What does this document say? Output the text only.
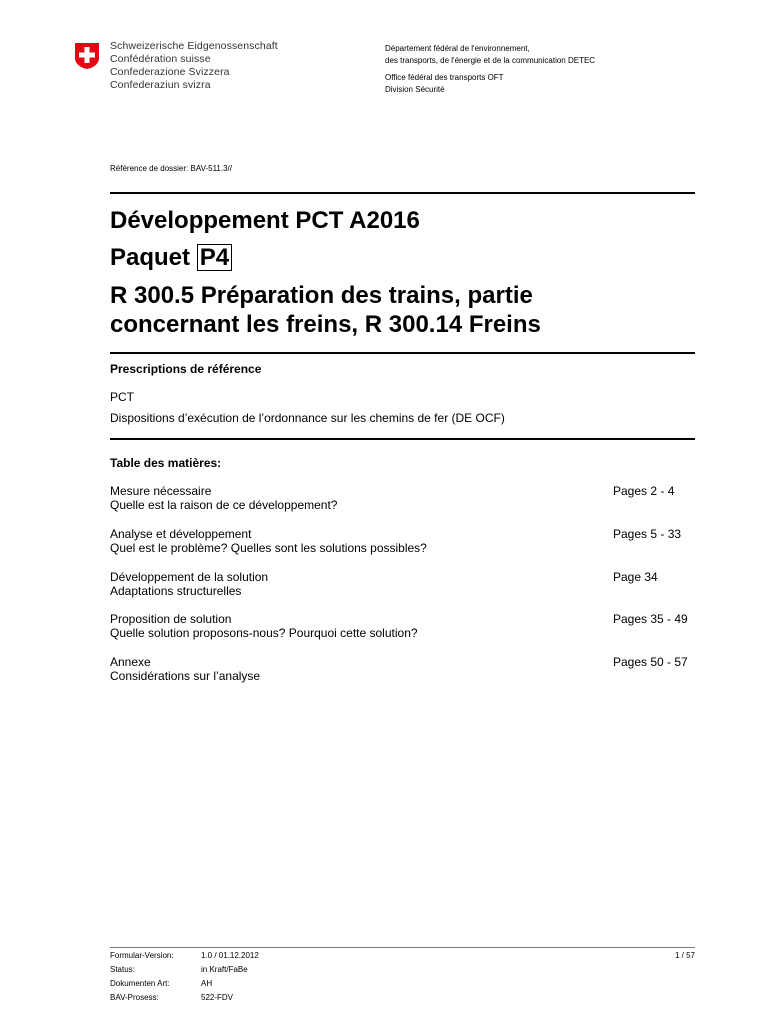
Schweizerische Eidgenossenschaft
Confédération suisse
Confederazione Svizzera
Confederaziun svizra
Département fédéral de l'environnement,
des transports, de l'énergie et de la communication DETEC
Office fédéral des transports OFT
Division Sécurité
Référence de dossier: BAV-511.3//
Développement PCT A2016
Paquet P4
R 300.5 Préparation des trains, partie
concernant les freins, R 300.14 Freins
Prescriptions de référence
PCT
Dispositions d’exécution de l’ordonnance sur les chemins de fer (DE OCF)
Table des matières:
Mesure nécessaire
Quelle est la raison de ce développement?
Pages 2 - 4
Analyse et développement
Quel est le problème? Quelles sont les solutions possibles?
Pages 5 - 33
Développement de la solution
Adaptations structurelles
Page 34
Proposition de solution
Quelle solution proposons-nous? Pourquoi cette solution?
Pages 35 - 49
Annexe
Considérations sur l’analyse
Pages 50 - 57
Formular-Version:	1.0 / 01.12.2012	1 / 57
Status:	in Kraft/FaBe
Dokumenten Art:	AH
BAV-Prosess:	522-FDV
